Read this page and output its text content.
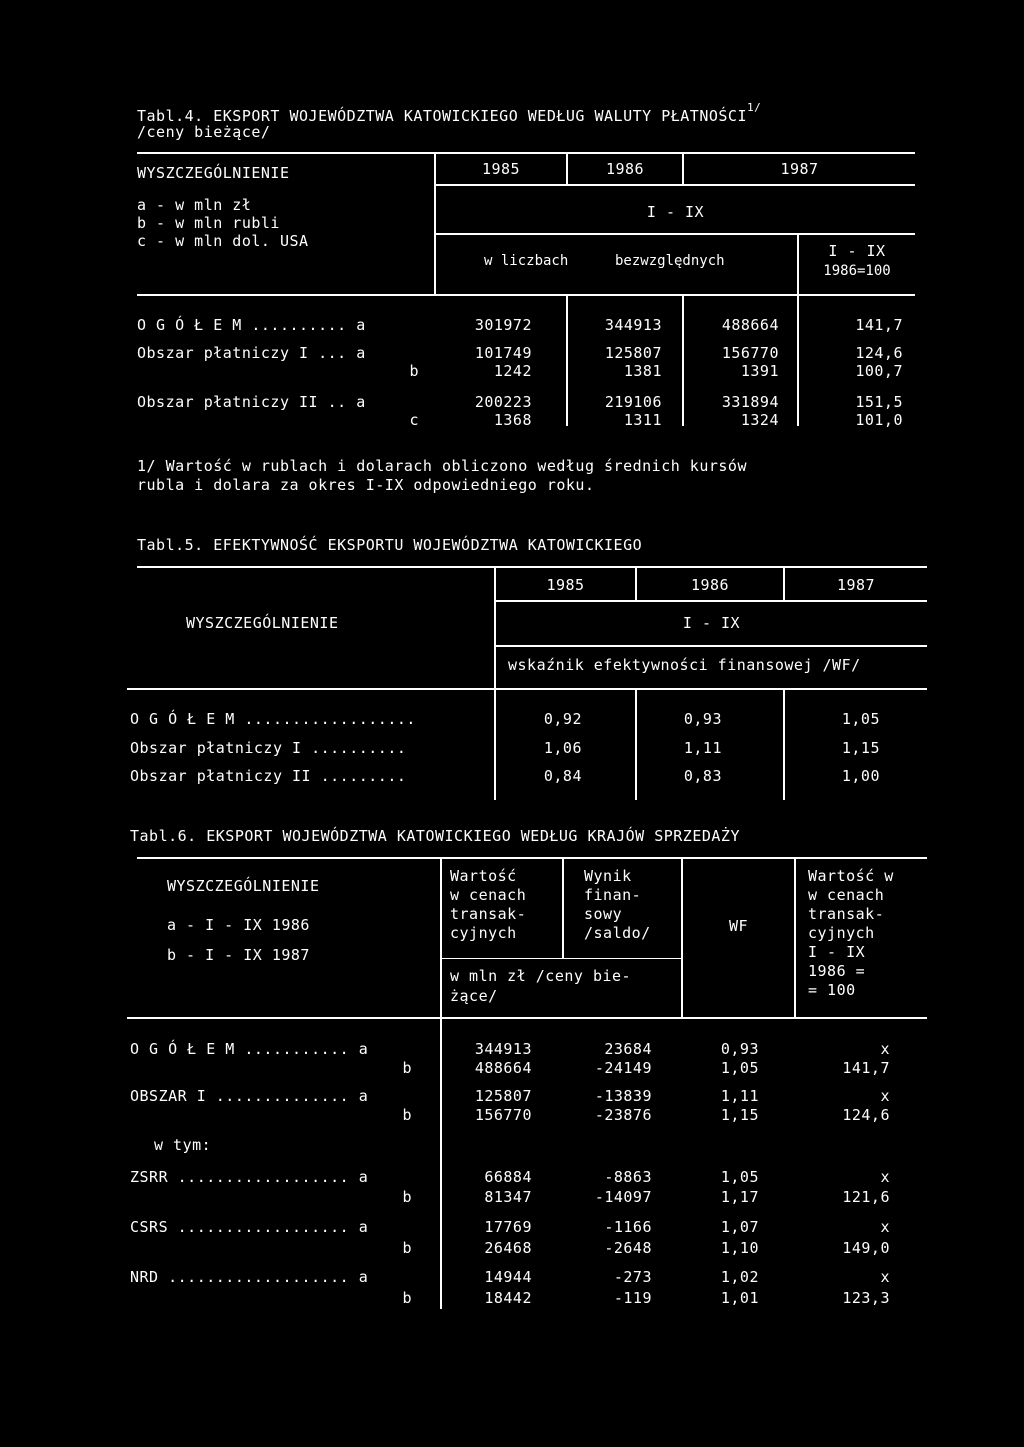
Tabl.4. EKSPORT WOJEWÓDZTWA KATOWICKIEGO WEDŁUG WALUTY $PŁATNOŚCI^{1/}$
/ceny bieżące/
WYSZCZEGÓLNIENIE
a - w mln zł
b - w mln rubli
c - w mln dol. USA
1985	1986	1987
I - IX
w liczbach	bezwzględnych
I - IX
1986=100
O G Ó Ł E M .......... a	301972	344913	488664	141,7
Obszar płatniczy I ... a	101749	125807	156770	124,6
b	1242	1381	1391	100,7
Obszar płatniczy II .. a	200223	219106	331894	151,5
c	1368	1311	1324	101,0
1/ Wartość w rublach i dolarach obliczono według średnich kursów
rubla i dolara za okres I-IX odpowiedniego roku.
Tabl.5. EFEKTYWNOŚĆ EKSPORTU WOJEWÓDZTWA KATOWICKIEGO
WYSZCZEGÓLNIENIE
1985	1986	1987
I - IX
wskaźnik efektywności finansowej /WF/
O G Ó Ł E M ..................	0,92	0,93	1,05
Obszar płatniczy I ..........	1,06	1,11	1,15
Obszar płatniczy II .........	0,84	0,83	1,00
Tabl.6. EKSPORT WOJEWÓDZTWA KATOWICKIEGO WEDŁUG KRAJÓW SPRZEDAŻY
WYSZCZEGÓLNIENIE
a - I - IX 1986
b - I - IX 1987
Wartość
w cenach
transak-
cyjnych
Wynik
finan-
sowy
/saldo/
w mln zł /ceny bie-
żące/
WF
Wartość w
w cenach
transak-
cyjnych
I - IX
1986 =
= 100
O G Ó Ł E M ........... a	344913	23684	0,93	x
b	488664	-24149	1,05	141,7
OBSZAR I .............. a	125807	-13839	1,11	x
b	156770	-23876	1,15	124,6
w tym:
ZSRR .................. a	66884	-8863	1,05	x
b	81347	-14097	1,17	121,6
CSRS .................. a	17769	-1166	1,07	x
b	26468	-2648	1,10	149,0
NRD ................... a	14944	-273	1,02	x
b	18442	-119	1,01	123,3
